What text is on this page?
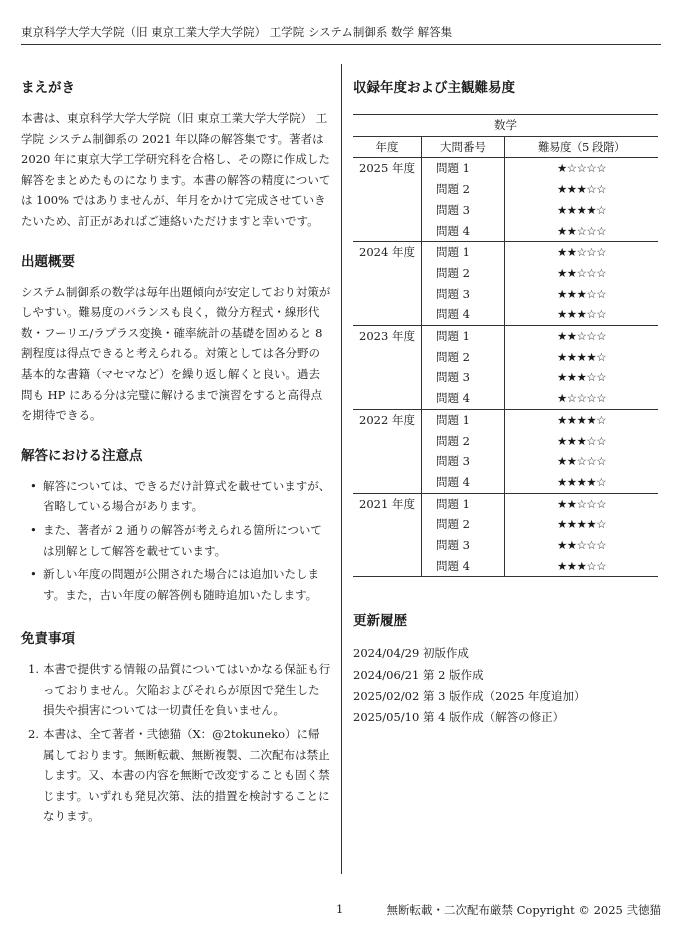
東京科学大学大学院（旧 東京工業大学大学院） 工学院 システム制御系 数学 解答集
まえがき

本書は、東京科学大学大学院（旧 東京工業大学大学院） 工学院 システム制御系の 2021 年以降の解答集です。著者は 2020 年に東京大学工学研究科を合格し、その際に作成した解答をまとめたものになります。本書の解答の精度については 100% ではありませんが、年月をかけて完成させていきたいため、訂正があればご連絡いただけますと幸いです。

出題概要

システム制御系の数学は毎年出題傾向が安定しており対策がしやすい。難易度のバランスも良く，微分方程式・線形代数・フーリエ/ラプラス変換・確率統計の基礎を固めると 8 割程度は得点できると考えられる。対策としては各分野の基本的な書籍（マセマなど）を繰り返し解くと良い。過去問も HP にある分は完璧に解けるまで演習をすると高得点を期待できる。

解答における注意点
• 解答については、できるだけ計算式を載せていますが、省略している場合があります。
• また、著者が 2 通りの解答が考えられる箇所については別解として解答を載せています。
• 新しい年度の問題が公開された場合には追加いたします。また，古い年度の解答例も随時追加いたします。
免責事項
1. 本書で提供する情報の品質についてはいかなる保証も行っておりません。欠陥およびそれらが原因で発生した損失や損害については一切責任を負いません。
2. 本書は、全て著者・弐徳猫（X：@2tokuneko）に帰属しております。無断転載、無断複製、二次配布は禁止します。又、本書の内容を無断で改変することも固く禁じます。いずれも発見次第、法的措置を検討することになります。
収録年度および主観難易度
数学		
年度	大問番号	難易度（5 段階）
2025 年度	問題 1	★☆☆☆☆
	問題 2	★★★☆☆
	問題 3	★★★★☆
	問題 4	★★☆☆☆
2024 年度	問題 1	★★☆☆☆
	問題 2	★★☆☆☆
	問題 3	★★★☆☆
	問題 4	★★★☆☆
2023 年度	問題 1	★★☆☆☆
	問題 2	★★★★☆
	問題 3	★★★☆☆
	問題 4	★☆☆☆☆
2022 年度	問題 1	★★★★☆
	問題 2	★★★☆☆
	問題 3	★★☆☆☆
	問題 4	★★★★☆
2021 年度	問題 1	★★☆☆☆
	問題 2	★★★★☆
	問題 3	★★☆☆☆
	問題 4	★★★☆☆
更新履歴

2024/04/29 初版作成

2024/06/21 第 2 版作成

2025/02/02 第 3 版作成（2025 年度追加）

2025/05/10 第 4 版作成（解答の修正）

1	無断転載・二次配布厳禁 Copyright © 2025 弐徳猫
